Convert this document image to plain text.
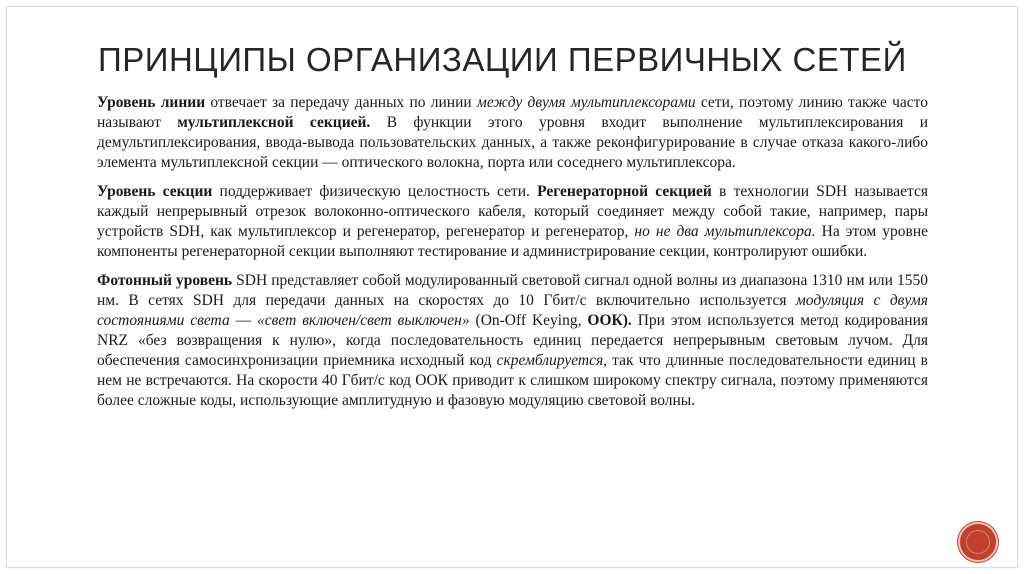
ПРИНЦИПЫ ОРГАНИЗАЦИИ ПЕРВИЧНЫХ СЕТЕЙ

Уровень линии отвечает за передачу данных по линии между двумя мультиплексорами сети, поэтому линию также часто называют мультиплексной секцией. В функции этого уровня входит выполнение мультиплексирования и демультиплексирования, ввода-вывода пользовательских данных, а также реконфигурирование в случае отказа какого-либо элемента мультиплексной секции — оптического волокна, порта или соседнего мультиплексора.

Уровень секции поддерживает физическую целостность сети. Регенераторной секцией в технологии SDH называется каждый непрерывный отрезок волоконно-оптического кабеля, который соединяет между собой такие, например, пары устройств SDH, как мультиплексор и регенератор, регенератор и регенератор, но не два мультиплексора. На этом уровне компоненты регенераторной секции выполняют тестирование и администрирование секции, контролируют ошибки.

Фотонный уровень SDH представляет собой модулированный световой сигнал одной волны из диапазона 1310 нм или 1550 нм. В сетях SDH для передачи данных на скоростях до 10 Гбит/с включительно используется модуляция с двумя состояниями света — «свет включен/свет выключен» (On-Off Keying, ООК). При этом используется метод кодирования NRZ «без возвращения к нулю», когда последовательность единиц передается непрерывным световым лучом. Для обеспечения самосинхронизации приемника исходный код скремблируется, так что длинные последовательности единиц в нем не встречаются. На скорости 40 Гбит/с код ООК приводит к слишком широкому спектру сигнала, поэтому применяются более сложные коды, использующие амплитудную и фазовую модуляцию световой волны.
